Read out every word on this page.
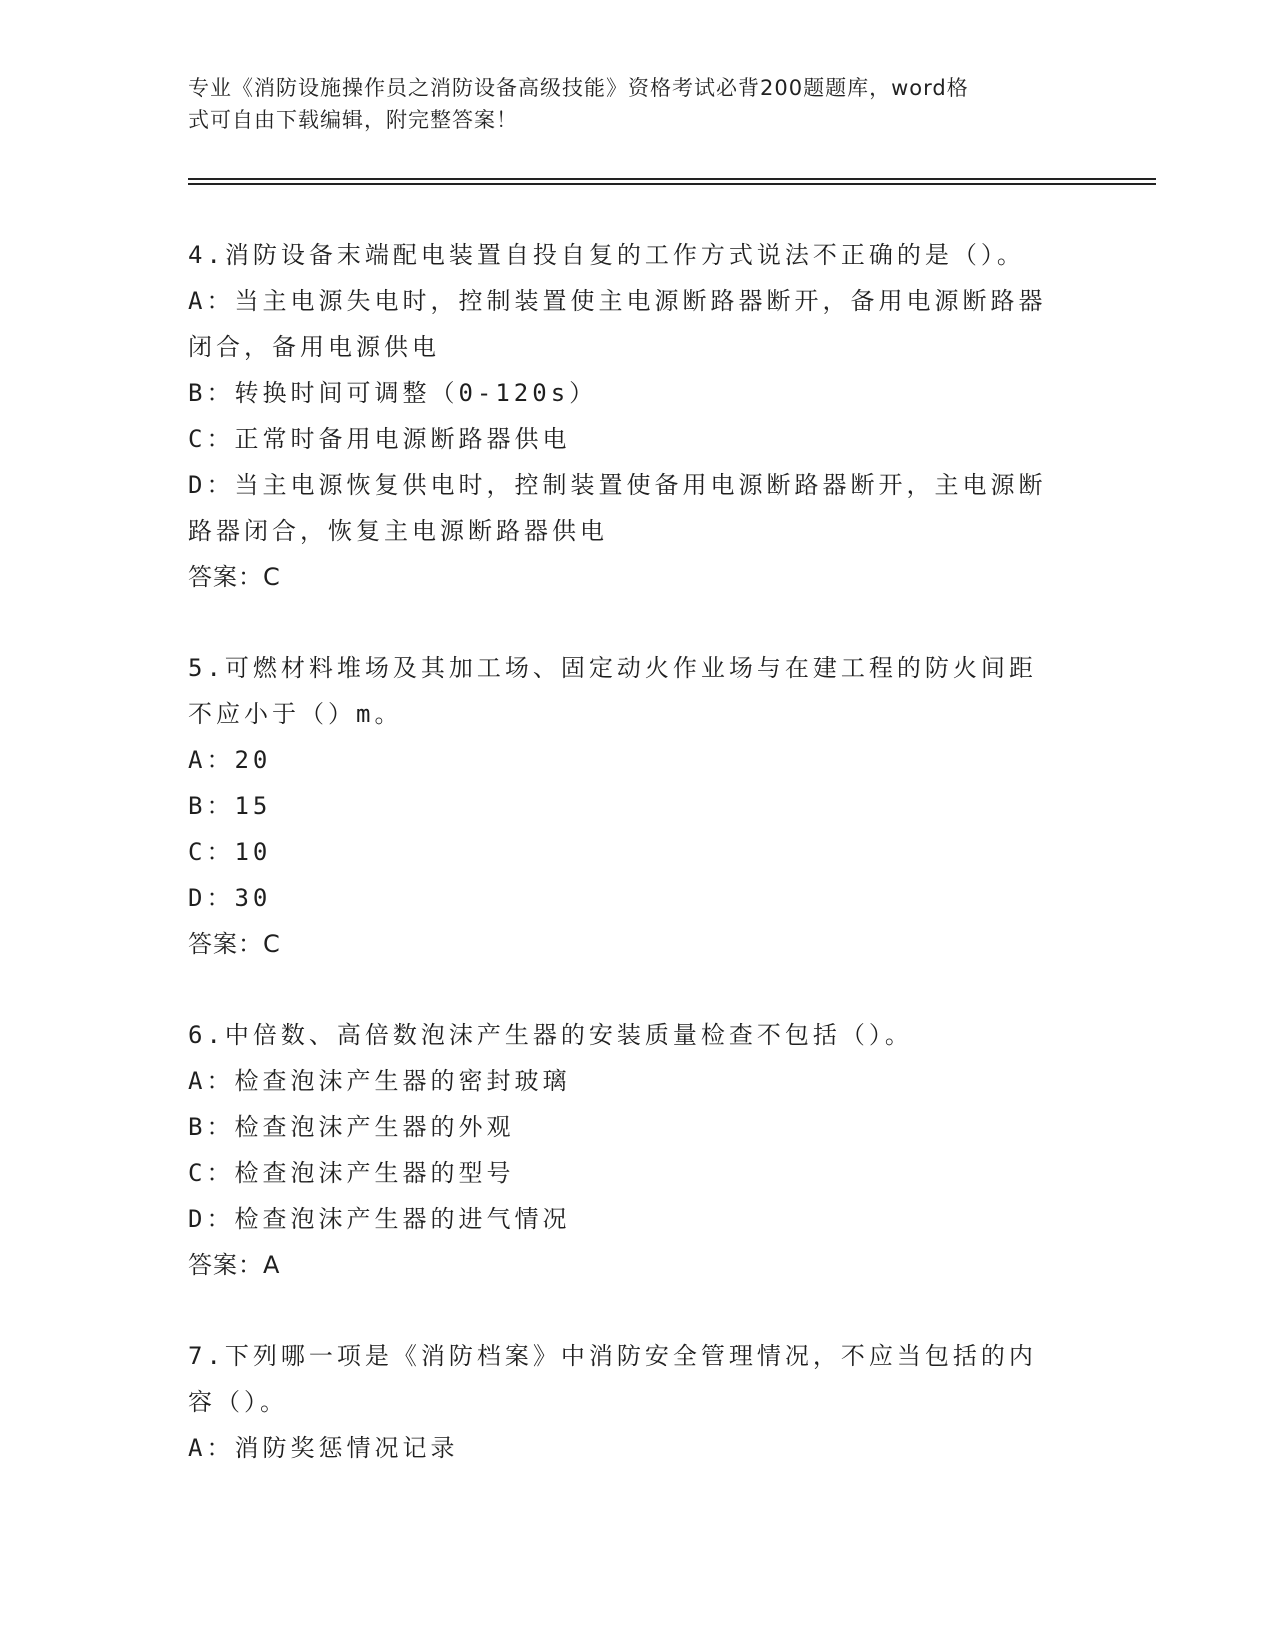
专业《消防设施操作员之消防设备高级技能》资格考试必背200题题库，word格
式可自由下载编辑，附完整答案！

4.消防设备末端配电装置自投自复的工作方式说法不正确的是（）。

A：当主电源失电时，控制装置使主电源断路器断开，备用电源断路器

闭合，备用电源供电

B：转换时间可调整（0-120s）

C：正常时备用电源断路器供电

D：当主电源恢复供电时，控制装置使备用电源断路器断开，主电源断

路器闭合，恢复主电源断路器供电

答案：C

5.可燃材料堆场及其加工场、固定动火作业场与在建工程的防火间距

不应小于（）m。

A：20

B：15

C：10

D：30

答案：C

6.中倍数、高倍数泡沫产生器的安装质量检查不包括（）。

A：检查泡沫产生器的密封玻璃

B：检查泡沫产生器的外观

C：检查泡沫产生器的型号

D：检查泡沫产生器的进气情况

答案：A

7.下列哪一项是《消防档案》中消防安全管理情况，不应当包括的内

容（）。

A：消防奖惩情况记录
